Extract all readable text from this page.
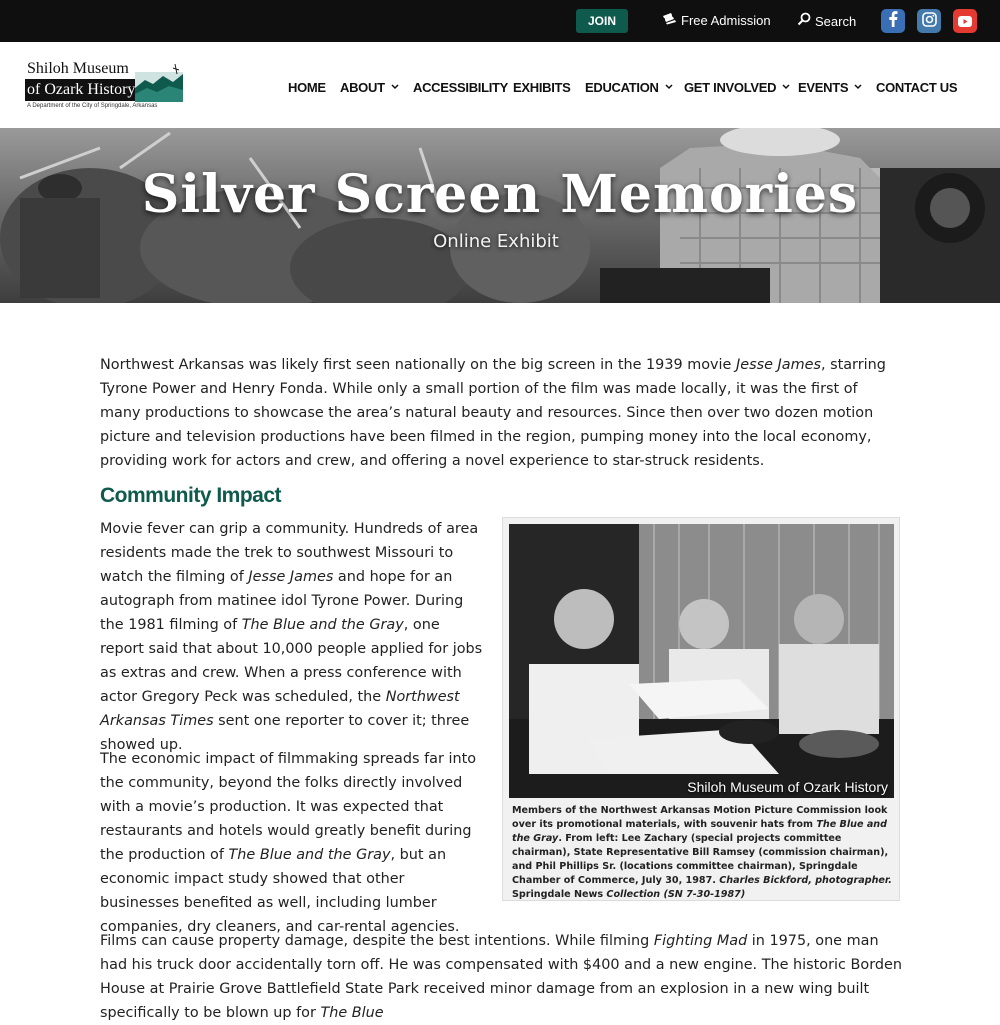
JOIN	Free Admission	Search
Shiloh Museum
of Ozark History
A Department of the City of Springdale, Arkansas
HOME ABOUT ACCESSIBILITY EXHIBITS EDUCATION GET INVOLVED EVENTS CONTACT US
Silver Screen Memories
Online Exhibit

Northwest Arkansas was likely first seen nationally on the big screen in the 1939 movie Jesse James, starring Tyrone Power and Henry Fonda. While only a small portion of the film was made locally, it was the first of many productions to showcase the area’s natural beauty and resources. Since then over two dozen motion picture and television productions have been filmed in the region, pumping money into the local economy, providing work for actors and crew, and offering a novel experience to star-struck residents.

Community Impact

Movie fever can grip a community. Hundreds of area residents made the trek to southwest Missouri to watch the filming of Jesse James and hope for an autograph from matinee idol Tyrone Power. During the 1981 filming of The Blue and the Gray, one report said that about 10,000 people applied for jobs as extras and crew. When a press conference with actor Gregory Peck was scheduled, the Northwest Arkansas Times sent one reporter to cover it; three showed up.

The economic impact of filmmaking spreads far into the community, beyond the folks directly involved with a movie’s production. It was expected that restaurants and hotels would greatly benefit during the production of The Blue and the Gray, but an economic impact study showed that other businesses benefited as well, including lumber companies, dry cleaners, and car-rental agencies.

Shiloh Museum of Ozark History

Members of the Northwest Arkansas Motion Picture Commission look over its promotional materials, with souvenir hats from The Blue and the Gray. From left: Lee Zachary (special projects committee chairman), State Representative Bill Ramsey (commission chairman), and Phil Phillips Sr. (locations committee chairman), Springdale Chamber of Commerce, July 30, 1987. Charles Bickford, photographer. Springdale News Collection (SN 7-30-1987)

Films can cause property damage, despite the best intentions. While filming Fighting Mad in 1975, one man had his truck door accidentally torn off. He was compensated with $400 and a new engine. The historic Borden House at Prairie Grove Battlefield State Park received minor damage from an explosion in a new wing built specifically to be blown up for The Blue
